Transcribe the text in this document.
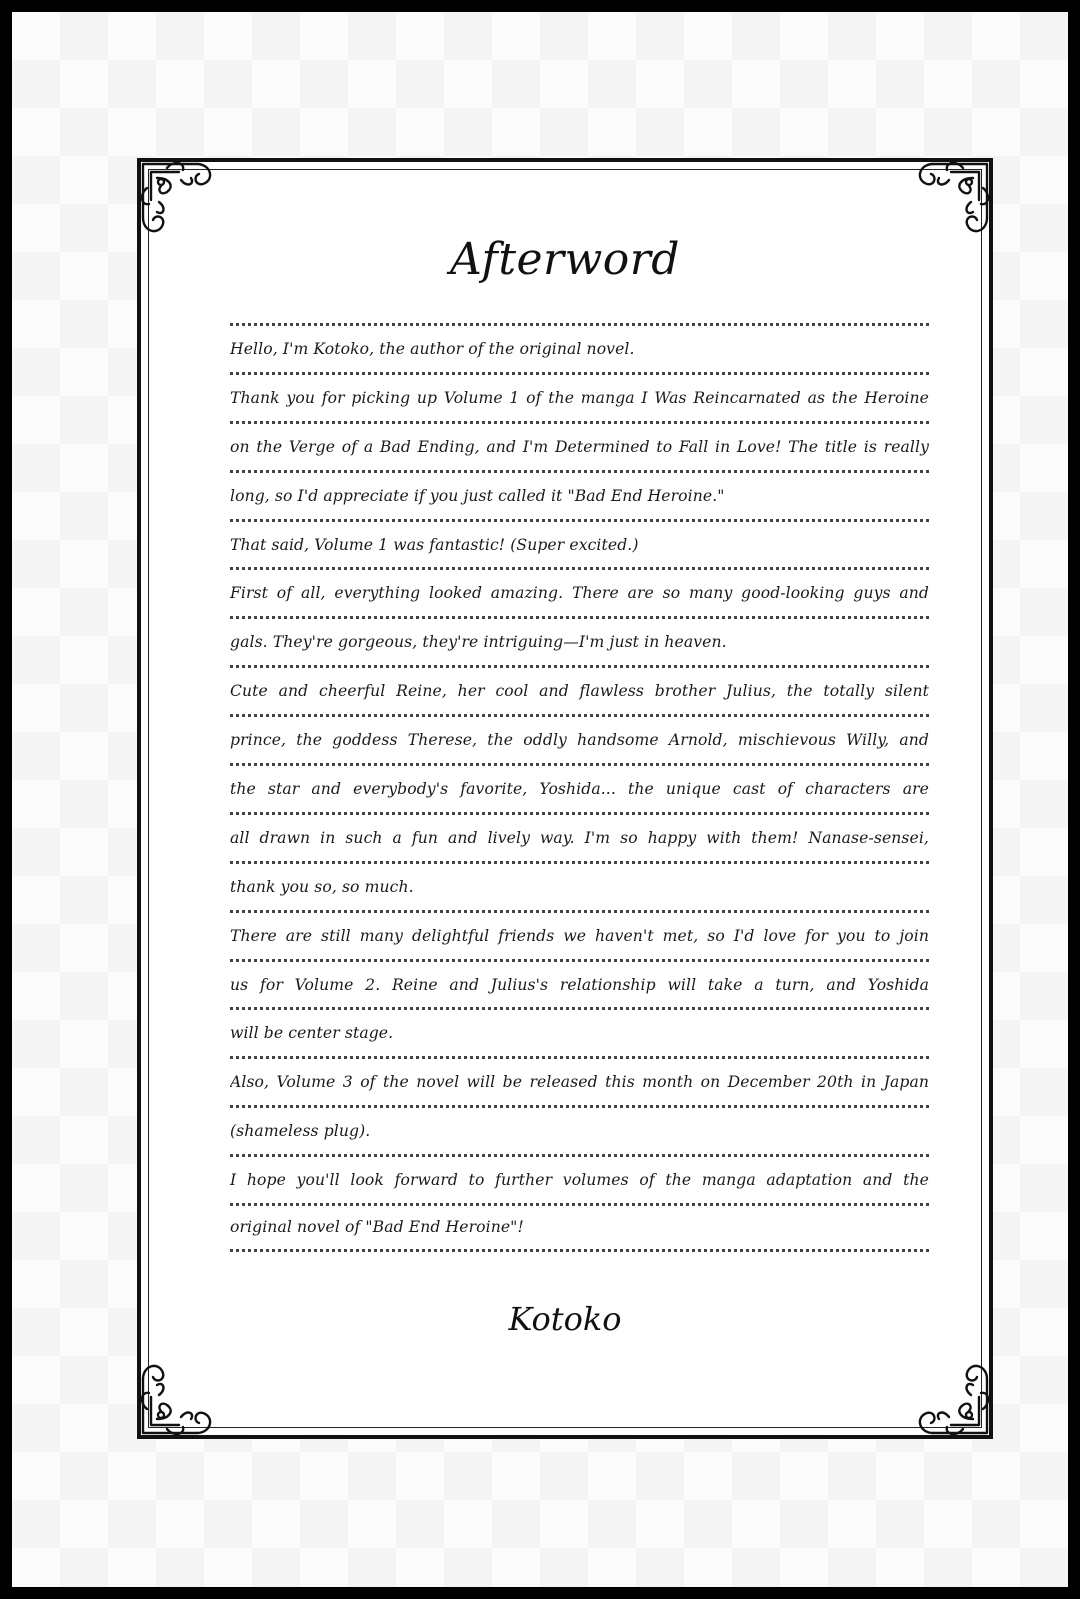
Afterword
Hello, I'm Kotoko, the author of the original novel.
Thank you for picking up Volume 1 of the manga I Was Reincarnated as the Heroine
on the Verge of a Bad Ending, and I'm Determined to Fall in Love! The title is really
long, so I'd appreciate if you just called it "Bad End Heroine."
That said, Volume 1 was fantastic! (Super excited.)
First of all, everything looked amazing. There are so many good-looking guys and
gals. They're gorgeous, they're intriguing—I'm just in heaven.
Cute and cheerful Reine, her cool and flawless brother Julius, the totally silent
prince, the goddess Therese, the oddly handsome Arnold, mischievous Willy, and
the star and everybody's favorite, Yoshida... the unique cast of characters are
all drawn in such a fun and lively way. I'm so happy with them! Nanase-sensei,
thank you so, so much.
There are still many delightful friends we haven't met, so I'd love for you to join
us for Volume 2. Reine and Julius's relationship will take a turn, and Yoshida
will be center stage.
Also, Volume 3 of the novel will be released this month on December 20th in Japan
(shameless plug).
I hope you'll look forward to further volumes of the manga adaptation and the
original novel of "Bad End Heroine"!
Kotoko
